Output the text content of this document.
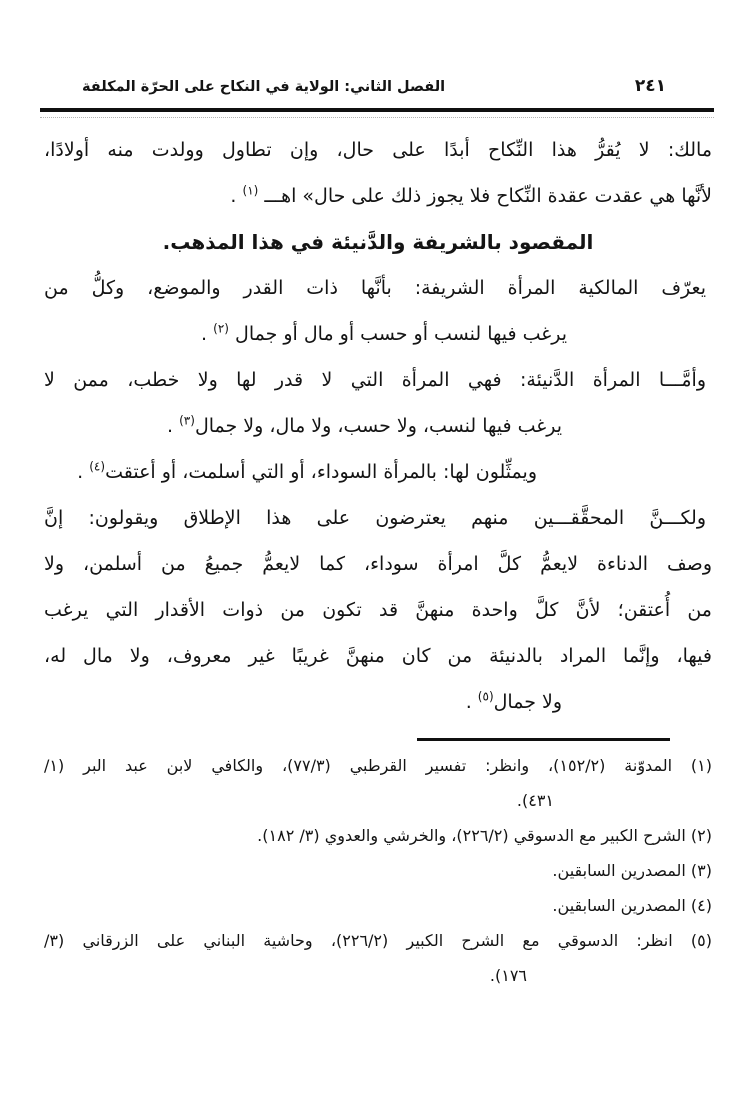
الفصل الثاني: الولاية في النكاح على الحرّة المكلفة	٢٤١
مالك: لا يُقرُّ هذا النِّكاح أبدًا على حال، وإن تطاول وولدت منه أولادًا،
لأنَّها هي عقدت عقدة النِّكاح فلا يجوز ذلك على حال» اهـــ $^{(١)}$ .
المقصود بالشريفة والدَّنيئة في هذا المذهب.
يعرّف المالكية المرأة الشريفة: بأنَّها ذات القدر والموضع، وكلُّ من
يرغب فيها لنسب أو حسب أو مال أو جمال $^{(٢)}$ .
وأمَّـــا المرأة الدَّنيئة: فهي المرأة التي لا قدر لها ولا خطب، ممن لا
يرغب فيها لنسب، ولا حسب، ولا مال، ولا جمال$^{(٣)}$ .
ويمثِّلون لها: بالمرأة السوداء، أو التي أسلمت، أو أعتقت$^{(٤)}$ .
ولكـــنَّ المحقَّقـــين منهم يعترضون على هذا الإطلاق ويقولون: إنَّ
وصف الدناءة لايعمُّ كلَّ امرأة سوداء، كما لايعمُّ جميعُ من أسلمن، ولا
من أُعتقن؛ لأنَّ كلَّ واحدة منهنَّ قد تكون من ذوات الأقدار التي يرغب
فيها، وإنَّما المراد بالدنيئة من كان منهنَّ غريبًا غير معروف، ولا مال له،
ولا جمال$^{(٥)}$ .
(١) المدوّنة (١٥٢/٢)، وانظر: تفسير القرطبي (٧٧/٣)، والكافي لابن عبد البر (١/
٤٣١).
(٢) الشرح الكبير مع الدسوقي (٢٢٦/٢)، والخرشي والعدوي (٣/ ١٨٢).
(٣) المصدرين السابقين.
(٤) المصدرين السابقين.
(٥) انظر: الدسوقي مع الشرح الكبير (٢٢٦/٢)، وحاشية البناني على الزرقاني (٣/
١٧٦).
